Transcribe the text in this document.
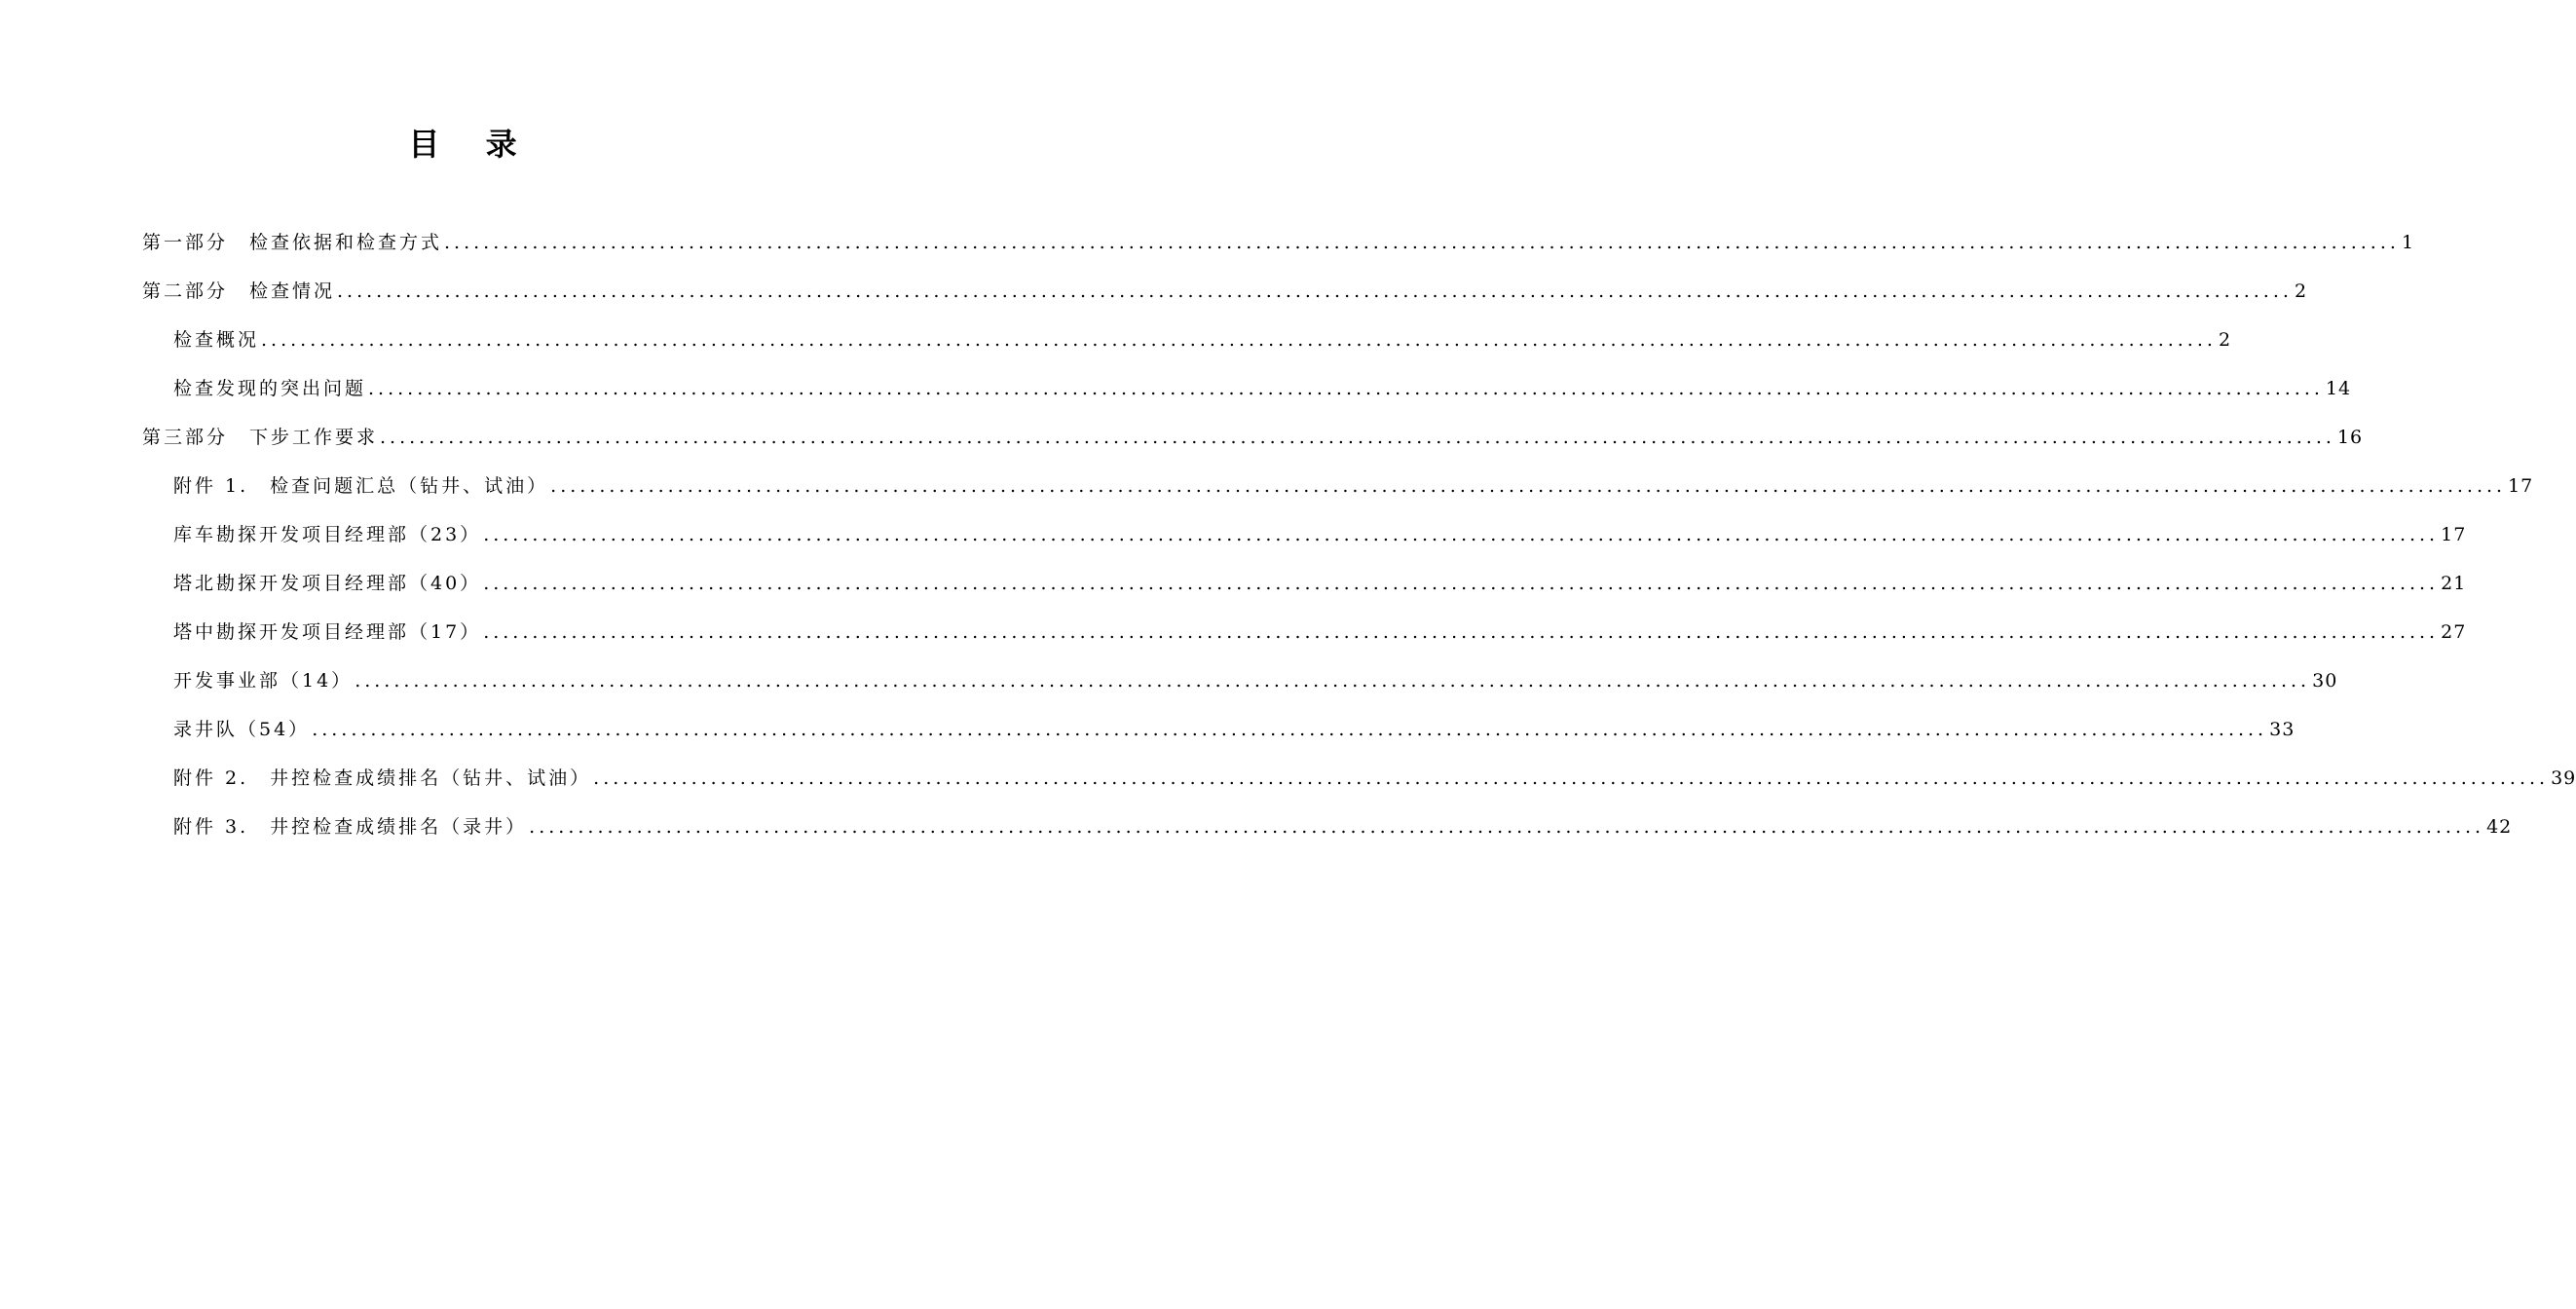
目 录
第一部分　检查依据和检查方式 ........................................................................................................................................................................................................ 1
第二部分　检查情况 ........................................................................................................................................................................................................ 2
检查概况 ........................................................................................................................................................................................................ 2
检查发现的突出问题 ........................................................................................................................................................................................................ 14
第三部分　下步工作要求 ........................................................................................................................................................................................................ 16
附件 1.　检查问题汇总（钻井、试油） ........................................................................................................................................................................................................ 17
库车勘探开发项目经理部（23） ........................................................................................................................................................................................................ 17
塔北勘探开发项目经理部（40） ........................................................................................................................................................................................................ 21
塔中勘探开发项目经理部（17） ........................................................................................................................................................................................................ 27
开发事业部（14） ........................................................................................................................................................................................................ 30
录井队（54） ........................................................................................................................................................................................................ 33
附件 2.　井控检查成绩排名（钻井、试油） ........................................................................................................................................................................................................ 39
附件 3.　井控检查成绩排名（录井） ........................................................................................................................................................................................................ 42
